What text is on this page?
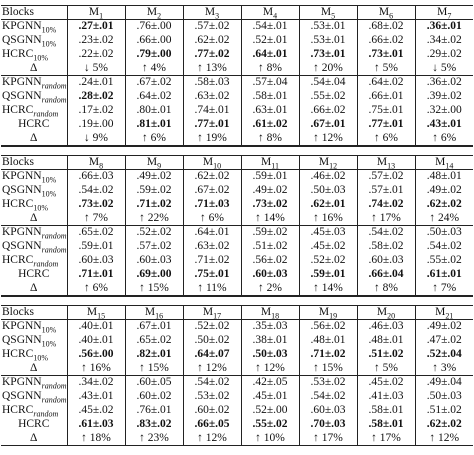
Blocks	$M_1$	$M_2$	$M_3$	$M_4$	$M_5$	$M_6$	$M_7$
$KPGNN_{10\%}$	.27±.01	.76±.00	.57±.02	.54±.01	.53±.01	.68±.02	.36±.01
$QSGNN_{10\%}$	.23±.02	.66±.00	.62±.02	.52±.01	.53±.01	.66±.02	.34±.02
$HCRC_{10\%}$	.22±.02	.79±.00	.77±.02	.64±.01	.73±.01	.73±.01	.29±.02
Δ	↓ 5%	↑ 4%	↑ 13%	↑ 8%	↑ 20%	↑ 5%	↓ 5%
$KPGNN_{random}$	.24±.01	.67±.02	.58±.03	.57±.04	.54±.04	.64±.02	.36±.02
$QSGNN_{random}$	.28±.02	.64±.02	.63±.02	.58±.01	.55±.02	.66±.01	.39±.02
$HCRC_{random}$	.17±.02	.80±.01	.74±.01	.63±.01	.66±.02	.75±.01	.32±.00
HCRC	.19±.00	.81±.01	.77±.01	.61±.02	.67±.01	.77±.01	.43±.01
Δ	↓ 9%	↑ 6%	↑ 19%	↑ 8%	↑ 12%	↑ 6%	↑ 6%
Blocks	$M_8$	$M_9$	$M_{10}$	$M_{11}$	$M_{12}$	$M_{13}$	$M_{14}$
$KPGNN_{10\%}$	.66±.03	.49±.02	.62±.02	.59±.01	.46±.02	.57±.02	.48±.01
$QSGNN_{10\%}$	.54±.02	.59±.02	.67±.02	.49±.02	.50±.03	.57±.01	.49±.02
$HCRC_{10\%}$	.73±.02	.71±.02	.71±.03	.73±.02	.62±.01	.74±.02	.62±.02
Δ	↑ 7%	↑ 22%	↑ 6%	↑ 14%	↑ 16%	↑ 17%	↑ 24%
$KPGNN_{random}$	.65±.02	.52±.02	.64±.01	.59±.02	.45±.03	.54±.02	.50±.03
$QSGNN_{random}$	.59±.01	.57±.02	.63±.02	.51±.02	.45±.02	.58±.02	.54±.02
$HCRC_{random}$	.60±.03	.60±.03	.71±.02	.56±.02	.52±.02	.60±.03	.55±.02
HCRC	.71±.01	.69±.00	.75±.01	.60±.03	.59±.01	.66±.04	.61±.01
Δ	↑ 6%	↑ 15%	↑ 11%	↑ 2%	↑ 14%	↑ 8%	↑ 7%
Blocks	$M_{15}$	$M_{16}$	$M_{17}$	$M_{18}$	$M_{19}$	$M_{20}$	$M_{21}$
$KPGNN_{10\%}$	.40±.01	.67±.01	.52±.02	.35±.03	.56±.02	.46±.03	.49±.02
$QSGNN_{10\%}$	.40±.01	.65±.02	.50±.02	.38±.01	.48±.01	.48±.01	.47±.02
$HCRC_{10\%}$	.56±.00	.82±.01	.64±.07	.50±.03	.71±.02	.51±.02	.52±.04
Δ	↑ 16%	↑ 15%	↑ 12%	↑ 12%	↑ 15%	↑ 5%	↑ 3%
$KPGNN_{random}$	.34±.02	.60±.05	.54±.02	.42±.05	.53±.02	.45±.02	.49±.04
$QSGNN_{random}$	.43±.01	.60±.02	.53±.02	.45±.01	.54±.02	.41±.03	.50±.03
$HCRC_{random}$	.45±.02	.76±.01	.60±.02	.52±.00	.60±.03	.58±.01	.51±.02
HCRC	.61±.03	.83±.02	.66±.05	.55±.02	.70±.03	.58±.01	.62±.02
Δ	↑ 18%	↑ 23%	↑ 12%	↑ 10%	↑ 17%	↑ 17%	↑ 12%
